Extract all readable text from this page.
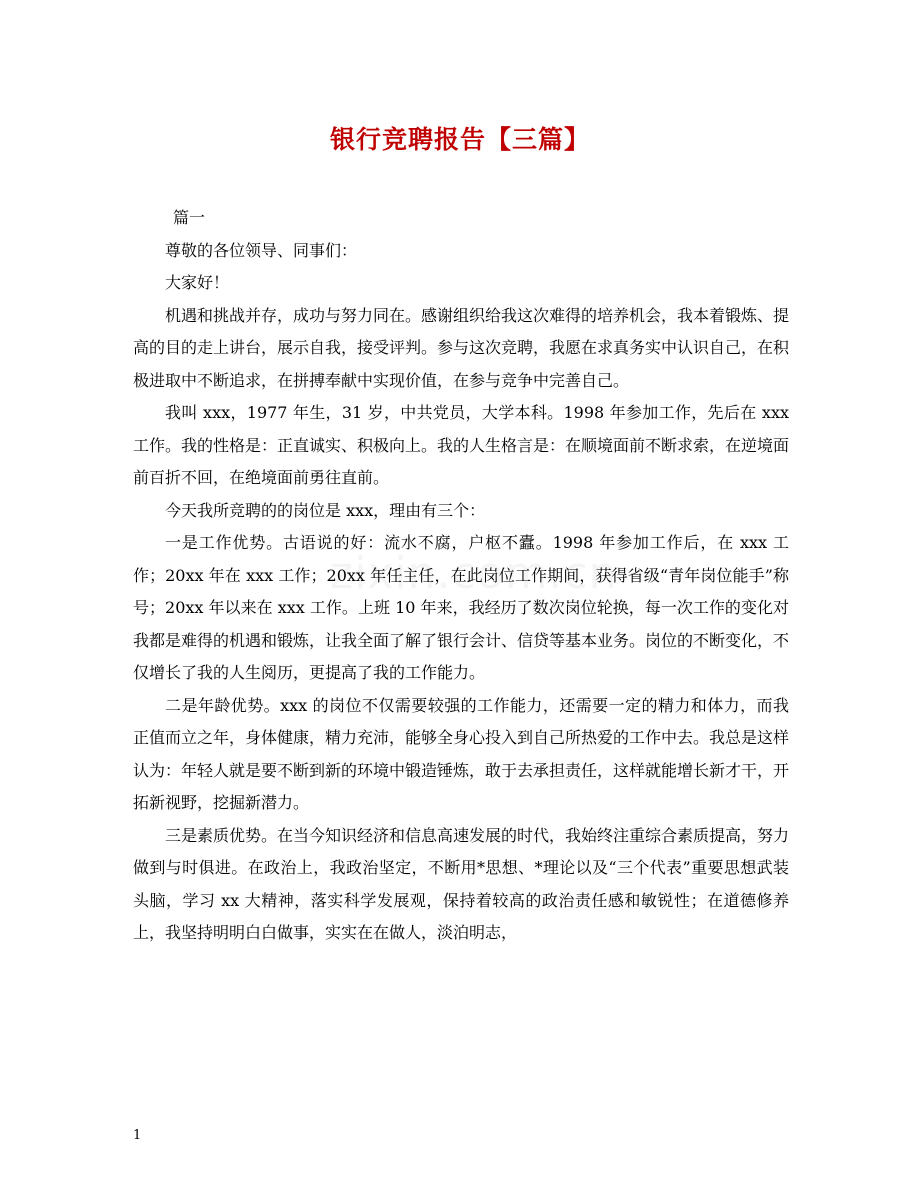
银行竞聘报告【三篇】

篇一

尊敬的各位领导、同事们：

大家好！

机遇和挑战并存，成功与努力同在。感谢组织给我这次难得的培养机会，我本着锻炼、提高的目的走上讲台，展示自我，接受评判。参与这次竞聘，我愿在求真务实中认识自己，在积极进取中不断追求，在拼搏奉献中实现价值，在参与竞争中完善自己。

我叫 xxx，1977 年生，31 岁，中共党员，大学本科。1998 年参加工作，先后在 xxx 工作。我的性格是：正直诚实、积极向上。我的人生格言是：在顺境面前不断求索，在逆境面前百折不回，在绝境面前勇往直前。

今天我所竞聘的的岗位是 xxx，理由有三个：

一是工作优势。古语说的好：流水不腐，户枢不蠹。1998 年参加工作后，在 xxx 工作；20xx 年在 xxx 工作；20xx 年任主任，在此岗位工作期间，获得省级“青年岗位能手”称号；20xx 年以来在 xxx 工作。上班 10 年来，我经历了数次岗位轮换，每一次工作的变化对我都是难得的机遇和锻炼，让我全面了解了银行会计、信贷等基本业务。岗位的不断变化，不仅增长了我的人生阅历，更提高了我的工作能力。

二是年龄优势。xxx 的岗位不仅需要较强的工作能力，还需要一定的精力和体力，而我正值而立之年，身体健康，精力充沛，能够全身心投入到自己所热爱的工作中去。我总是这样认为：年轻人就是要不断到新的环境中锻造锤炼，敢于去承担责任，这样就能增长新才干，开拓新视野，挖掘新潜力。

三是素质优势。在当今知识经济和信息高速发展的时代，我始终注重综合素质提高，努力做到与时俱进。在政治上，我政治坚定，不断用*思想、*理论以及“三个代表”重要思想武装头脑，学习 xx 大精神，落实科学发展观，保持着较高的政治责任感和敏锐性；在道德修养上，我坚持明明白白做事，实实在在做人，淡泊明志，

1
